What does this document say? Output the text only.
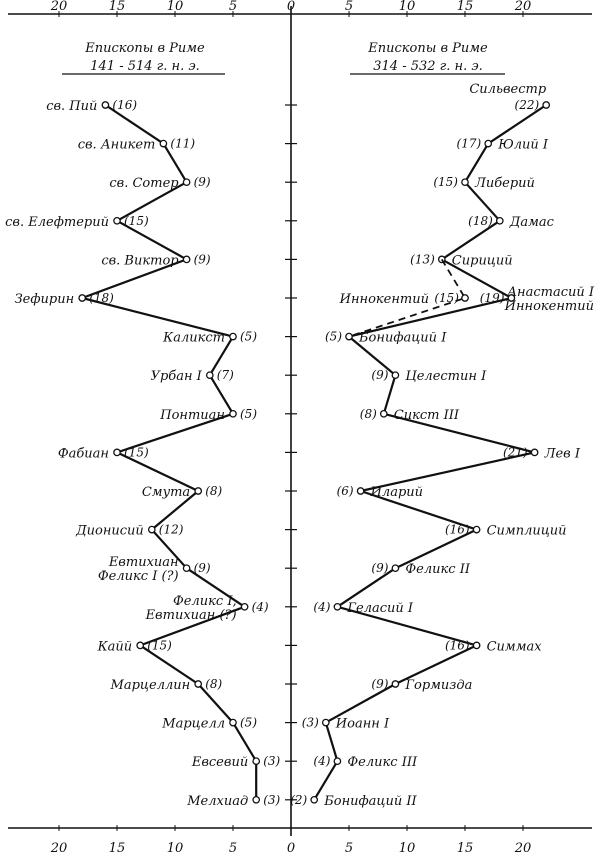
Епископы в Риме
141 - 514 г. н. э.
Епископы в Риме
314 - 532 г. н. э.
20
20
15
15
10
10
5
5
0
0
5
5
10
10
15
15
20
20
(16)
св. Пий
(11)
св. Аникет
(9)
св. Сотер
(15)
св. Елефтерий
(9)
св. Виктор
(18)
Зефирин
(5)
Каликст
(7)
Урбан I
(5)
Понтиан
(15)
Фабиан
(8)
Смута
(12)
Дионисий
(9)
Евтихиан Феликс I (?)
(4)
Феликс I, Евтихиан (?)
(15)
Кайй
(8)
Марцеллин
(5)
Марцелл
(3)
Евсевий
(3)
Мелхиад
(22)
Сильвестр
(17) Юлий I
(15) Либерий
(18) Дамас
(13) Сириций
(19) Анастасий I Иннокентий
(5) Бонифаций I
(9) Целестин I
(8) Сикст III
(21) Лев I
(6) Иларий
(16) Симплиций
(9) Феликс II
(4) Геласий I
(16) Симмах
(9) Гормизда
(3) Иоанн I
(4) Феликс III
(2) Бонифаций II
(15)
Иннокентий
